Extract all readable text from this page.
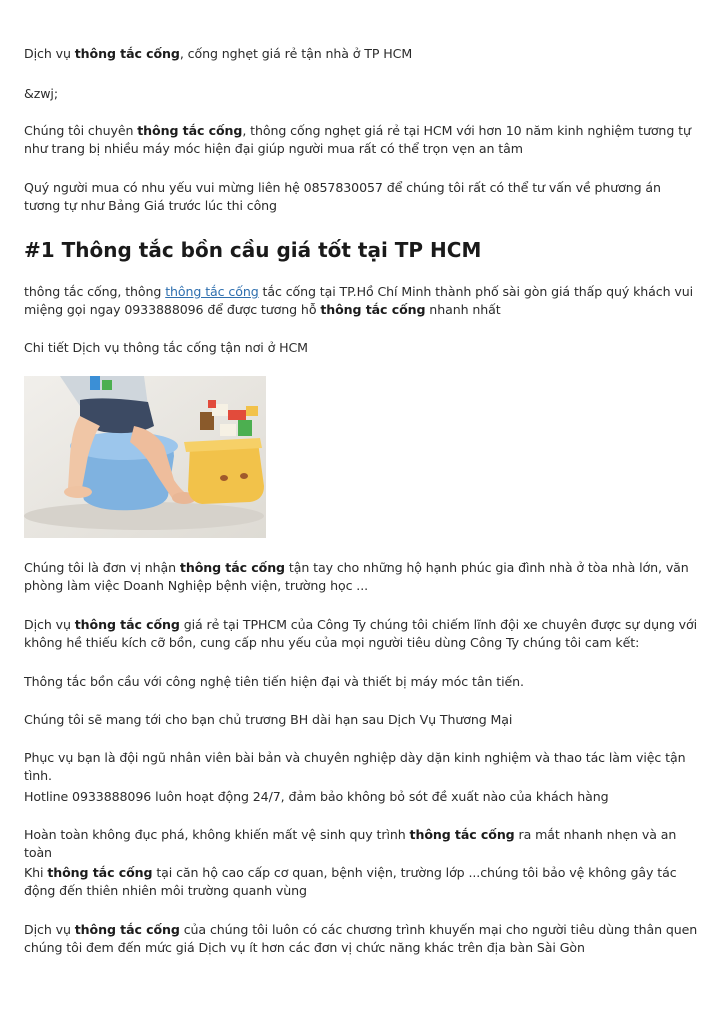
Dịch vụ thông tắc cống, cống nghẹt giá rẻ tận nhà ở TP HCM

&zwj;

Chúng tôi chuyên thông tắc cống, thông cống nghẹt giá rẻ tại HCM với hơn 10 năm kinh nghiệm tương tự như trang bị nhiều máy móc hiện đại giúp người mua rất có thể trọn vẹn an tâm

Quý người mua có nhu yếu vui mừng liên hệ 0857830057 để chúng tôi rất có thể tư vấn về phương án tương tự như Bảng Giá trước lúc thi công

#1 Thông tắc bồn cầu giá tốt tại TP HCM

thông tắc cống, thông thông tắc cống tắc cống tại TP.Hồ Chí Minh thành phố sài gòn giá thấp quý khách vui miệng gọi ngay 0933888096 để được tương hỗ thông tắc cống nhanh nhất

Chi tiết Dịch vụ thông tắc cống tận nơi ở HCM

Chúng tôi là đơn vị nhận thông tắc cống tận tay cho những hộ hạnh phúc gia đình nhà ở tòa nhà lớn, văn phòng làm việc Doanh Nghiệp bệnh viện, trường học ...

Dịch vụ thông tắc cống giá rẻ tại TPHCM của Công Ty chúng tôi chiếm lĩnh đội xe chuyên được sự dụng với không hề thiếu kích cỡ bồn, cung cấp nhu yếu của mọi người tiêu dùng Công Ty chúng tôi cam kết:

Thông tắc bồn cầu với công nghệ tiên tiến hiện đại và thiết bị máy móc tân tiến.

Chúng tôi sẽ mang tới cho bạn chủ trương BH dài hạn sau Dịch Vụ Thương Mại

Phục vụ bạn là đội ngũ nhân viên bài bản và chuyên nghiệp dày dặn kinh nghiệm và thao tác làm việc tận tình.

Hotline 0933888096 luôn hoạt động 24/7, đảm bảo không bỏ sót đề xuất nào của khách hàng

Hoàn toàn không đục phá, không khiến mất vệ sinh quy trình thông tắc cống ra mắt nhanh nhẹn và an toàn

Khi thông tắc cống tại căn hộ cao cấp cơ quan, bệnh viện, trường lớp ...chúng tôi bảo vệ không gây tác động đến thiên nhiên môi trường quanh vùng

Dịch vụ thông tắc cống của chúng tôi luôn có các chương trình khuyến mại cho người tiêu dùng thân quen chúng tôi đem đến mức giá Dịch vụ ít hơn các đơn vị chức năng khác trên địa bàn Sài Gòn
